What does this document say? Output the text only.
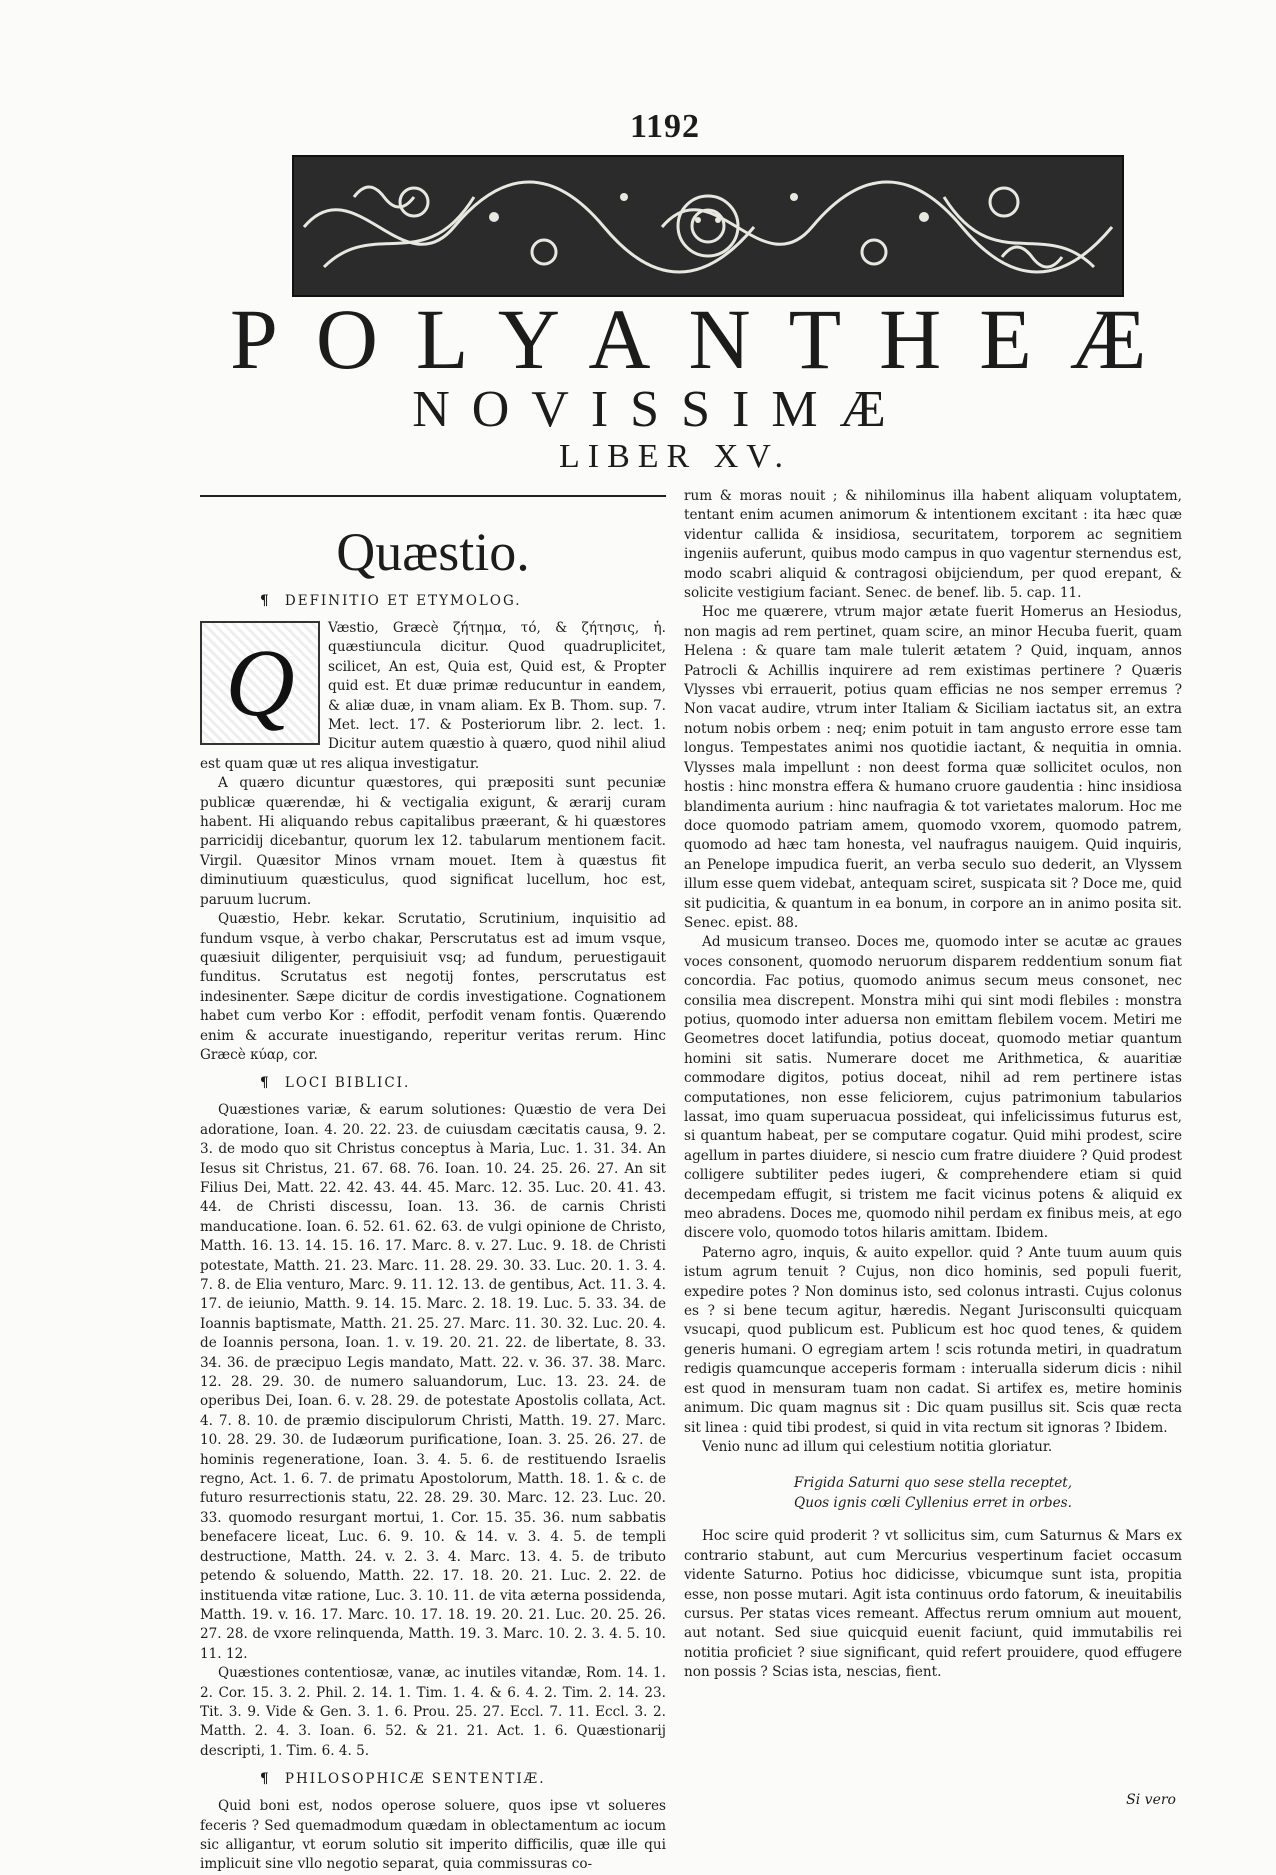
1192
POLYANTHEÆ
NOVISSIMÆ
LIBER XV.
Quæstio.
¶ DEFINITIO ET ETYMOLOG.
Q

Væstio, Græcè ζήτημα, τό, & ζήτησις, ἡ. quæstiuncula dicitur. Quod quadruplicitet, scilicet, An est, Quia est, Quid est, & Propter quid est. Et duæ primæ reducuntur in eandem, & aliæ duæ, in vnam aliam. Ex B. Thom. sup. 7. Met. lect. 17. & Posteriorum libr. 2. lect. 1. Dicitur autem quæstio à quæro, quod nihil aliud est quam quæ ut res aliqua investigatur.

A quæro dicuntur quæstores, qui præpositi sunt pecuniæ publicæ quærendæ, hi & vectigalia exigunt, & ærarij curam habent. Hi aliquando rebus capitalibus præerant, & hi quæstores parricidij dicebantur, quorum lex 12. tabularum mentionem facit. Virgil. Quæsitor Minos vrnam mouet. Item à quæstus fit diminutiuum quæsticulus, quod significat lucellum, hoc est, paruum lucrum.

Quæstio, Hebr. kekar. Scrutatio, Scrutinium, inquisitio ad fundum vsque, à verbo chakar, Perscrutatus est ad imum vsque, quæsiuit diligenter, perquisiuit vsq; ad fundum, peruestigauit funditus. Scrutatus est negotij fontes, perscrutatus est indesinenter. Sæpe dicitur de cordis investigatione. Cognationem habet cum verbo Kor : effodit, perfodit venam fontis. Quærendo enim & accurate inuestigando, reperitur veritas rerum. Hinc Græcè κύαρ, cor.

¶ LOCI BIBLICI.

Quæstiones variæ, & earum solutiones: Quæstio de vera Dei adoratione, Ioan. 4. 20. 22. 23. de cuiusdam cæcitatis causa, 9. 2. 3. de modo quo sit Christus conceptus à Maria, Luc. 1. 31. 34. An Iesus sit Christus, 21. 67. 68. 76. Ioan. 10. 24. 25. 26. 27. An sit Filius Dei, Matt. 22. 42. 43. 44. 45. Marc. 12. 35. Luc. 20. 41. 43. 44. de Christi discessu, Ioan. 13. 36. de carnis Christi manducatione. Ioan. 6. 52. 61. 62. 63. de vulgi opinione de Christo, Matth. 16. 13. 14. 15. 16. 17. Marc. 8. v. 27. Luc. 9. 18. de Christi potestate, Matth. 21. 23. Marc. 11. 28. 29. 30. 33. Luc. 20. 1. 3. 4. 7. 8. de Elia venturo, Marc. 9. 11. 12. 13. de gentibus, Act. 11. 3. 4. 17. de ieiunio, Matth. 9. 14. 15. Marc. 2. 18. 19. Luc. 5. 33. 34. de Ioannis baptismate, Matth. 21. 25. 27. Marc. 11. 30. 32. Luc. 20. 4. de Ioannis persona, Ioan. 1. v. 19. 20. 21. 22. de libertate, 8. 33. 34. 36. de præcipuo Legis mandato, Matt. 22. v. 36. 37. 38. Marc. 12. 28. 29. 30. de numero saluandorum, Luc. 13. 23. 24. de operibus Dei, Ioan. 6. v. 28. 29. de potestate Apostolis collata, Act. 4. 7. 8. 10. de præmio discipulorum Christi, Matth. 19. 27. Marc. 10. 28. 29. 30. de Iudæorum purificatione, Ioan. 3. 25. 26. 27. de hominis regeneratione, Ioan. 3. 4. 5. 6. de restituendo Israelis regno, Act. 1. 6. 7. de primatu Apostolorum, Matth. 18. 1. & c. de futuro resurrectionis statu, 22. 28. 29. 30. Marc. 12. 23. Luc. 20. 33. quomodo resurgant mortui, 1. Cor. 15. 35. 36. num sabbatis benefacere liceat, Luc. 6. 9. 10. & 14. v. 3. 4. 5. de templi destructione, Matth. 24. v. 2. 3. 4. Marc. 13. 4. 5. de tributo petendo & soluendo, Matth. 22. 17. 18. 20. 21. Luc. 2. 22. de instituenda vitæ ratione, Luc. 3. 10. 11. de vita æterna possidenda, Matth. 19. v. 16. 17. Marc. 10. 17. 18. 19. 20. 21. Luc. 20. 25. 26. 27. 28. de vxore relinquenda, Matth. 19. 3. Marc. 10. 2. 3. 4. 5. 10. 11. 12.

Quæstiones contentiosæ, vanæ, ac inutiles vitandæ, Rom. 14. 1. 2. Cor. 15. 3. 2. Phil. 2. 14. 1. Tim. 1. 4. & 6. 4. 2. Tim. 2. 14. 23. Tit. 3. 9. Vide & Gen. 3. 1. 6. Prou. 25. 27. Eccl. 7. 11. Eccl. 3. 2. Matth. 2. 4. 3. Ioan. 6. 52. & 21. 21. Act. 1. 6. Quæstionarij descripti, 1. Tim. 6. 4. 5.

¶ PHILOSOPHICÆ SENTENTIÆ.

Quid boni est, nodos operose soluere, quos ipse vt solueres feceris ? Sed quemadmodum quædam in oblectamentum ac iocum sic alligantur, vt eorum solutio sit imperito difficilis, quæ ille qui implicuit sine vllo negotio separat, quia commissuras co-

rum & moras nouit ; & nihilominus illa habent aliquam voluptatem, tentant enim acumen animorum & intentionem excitant : ita hæc quæ videntur callida & insidiosa, securitatem, torporem ac segnitiem ingeniis auferunt, quibus modo campus in quo vagentur sternendus est, modo scabri aliquid & contragosi obijciendum, per quod erepant, & solicite vestigium faciant. Senec. de benef. lib. 5. cap. 11.

Hoc me quærere, vtrum major ætate fuerit Homerus an Hesiodus, non magis ad rem pertinet, quam scire, an minor Hecuba fuerit, quam Helena : & quare tam male tulerit ætatem ? Quid, inquam, annos Patrocli & Achillis inquirere ad rem existimas pertinere ? Quæris Vlysses vbi errauerit, potius quam efficias ne nos semper erremus ? Non vacat audire, vtrum inter Italiam & Siciliam iactatus sit, an extra notum nobis orbem : neq; enim potuit in tam angusto errore esse tam longus. Tempestates animi nos quotidie iactant, & nequitia in omnia. Vlysses mala impellunt : non deest forma quæ sollicitet oculos, non hostis : hinc monstra effera & humano cruore gaudentia : hinc insidiosa blandimenta aurium : hinc naufragia & tot varietates malorum. Hoc me doce quomodo patriam amem, quomodo vxorem, quomodo patrem, quomodo ad hæc tam honesta, vel naufragus nauigem. Quid inquiris, an Penelope impudica fuerit, an verba seculo suo dederit, an Vlyssem illum esse quem videbat, antequam sciret, suspicata sit ? Doce me, quid sit pudicitia, & quantum in ea bonum, in corpore an in animo posita sit. Senec. epist. 88.

Ad musicum transeo. Doces me, quomodo inter se acutæ ac graues voces consonent, quomodo neruorum disparem reddentium sonum fiat concordia. Fac potius, quomodo animus secum meus consonet, nec consilia mea discrepent. Monstra mihi qui sint modi flebiles : monstra potius, quomodo inter aduersa non emittam flebilem vocem. Metiri me Geometres docet latifundia, potius doceat, quomodo metiar quantum homini sit satis. Numerare docet me Arithmetica, & auaritiæ commodare digitos, potius doceat, nihil ad rem pertinere istas computationes, non esse feliciorem, cujus patrimonium tabularios lassat, imo quam superuacua possideat, qui infelicissimus futurus est, si quantum habeat, per se computare cogatur. Quid mihi prodest, scire agellum in partes diuidere, si nescio cum fratre diuidere ? Quid prodest colligere subtiliter pedes iugeri, & comprehendere etiam si quid decempedam effugit, si tristem me facit vicinus potens & aliquid ex meo abradens. Doces me, quomodo nihil perdam ex finibus meis, at ego discere volo, quomodo totos hilaris amittam. Ibidem.

Paterno agro, inquis, & auito expellor. quid ? Ante tuum auum quis istum agrum tenuit ? Cujus, non dico hominis, sed populi fuerit, expedire potes ? Non dominus isto, sed colonus intrasti. Cujus colonus es ? si bene tecum agitur, hæredis. Negant Jurisconsulti quicquam vsucapi, quod publicum est. Publicum est hoc quod tenes, & quidem generis humani. O egregiam artem ! scis rotunda metiri, in quadratum redigis quamcunque acceperis formam : interualla siderum dicis : nihil est quod in mensuram tuam non cadat. Si artifex es, metire hominis animum. Dic quam magnus sit : Dic quam pusillus sit. Scis quæ recta sit linea : quid tibi prodest, si quid in vita rectum sit ignoras ? Ibidem.

Venio nunc ad illum qui celestium notitia gloriatur.

Frigida Saturni quo sese stella receptet,
Quos ignis cœli Cyllenius erret in orbes.

Hoc scire quid proderit ? vt sollicitus sim, cum Saturnus & Mars ex contrario stabunt, aut cum Mercurius vespertinum faciet occasum vidente Saturno. Potius hoc didicisse, vbicumque sunt ista, propitia esse, non posse mutari. Agit ista continuus ordo fatorum, & ineuitabilis cursus. Per statas vices remeant. Affectus rerum omnium aut mouent, aut notant. Sed siue quicquid euenit faciunt, quid immutabilis rei notitia proficiet ? siue significant, quid refert prouidere, quod effugere non possis ? Scias ista, nescias, fient.

Si vero
